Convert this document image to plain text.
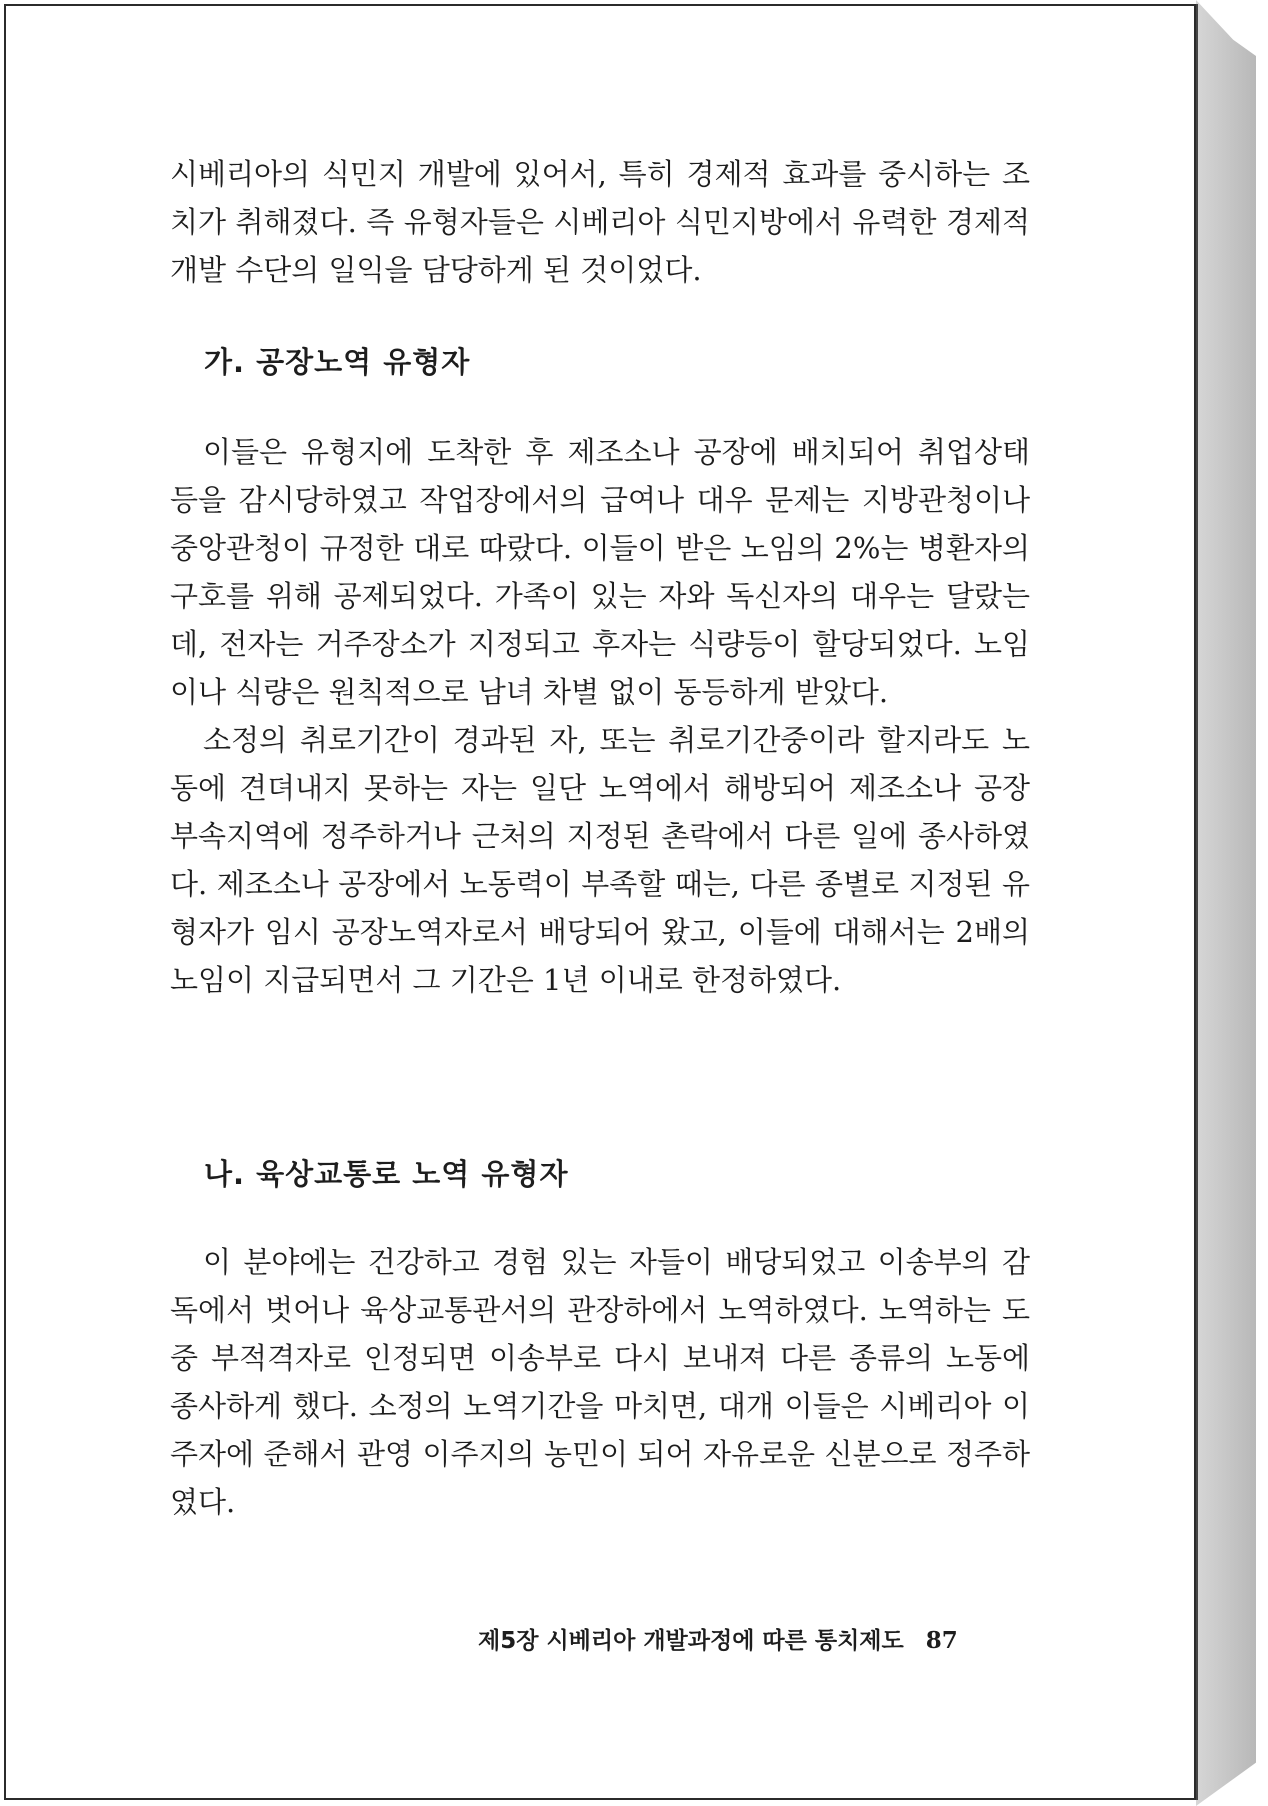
시베리아의 식민지 개발에 있어서, 특히 경제적 효과를 중시하는 조치가 취해졌다. 즉 유형자들은 시베리아 식민지방에서 유력한 경제적 개발 수단의 일익을 담당하게 된 것이었다.

가. 공장노역 유형자

이들은 유형지에 도착한 후 제조소나 공장에 배치되어 취업상태 등을 감시당하였고 작업장에서의 급여나 대우 문제는 지방관청이나 중앙관청이 규정한 대로 따랐다. 이들이 받은 노임의 2%는 병환자의 구호를 위해 공제되었다. 가족이 있는 자와 독신자의 대우는 달랐는데, 전자는 거주장소가 지정되고 후자는 식량등이 할당되었다. 노임이나 식량은 원칙적으로 남녀 차별 없이 동등하게 받았다.

소정의 취로기간이 경과된 자, 또는 취로기간중이라 할지라도 노동에 견뎌내지 못하는 자는 일단 노역에서 해방되어 제조소나 공장 부속지역에 정주하거나 근처의 지정된 촌락에서 다른 일에 종사하였다. 제조소나 공장에서 노동력이 부족할 때는, 다른 종별로 지정된 유형자가 임시 공장노역자로서 배당되어 왔고, 이들에 대해서는 2배의 노임이 지급되면서 그 기간은 1년 이내로 한정하였다.

나. 육상교통로 노역 유형자

이 분야에는 건강하고 경험 있는 자들이 배당되었고 이송부의 감독에서 벗어나 육상교통관서의 관장하에서 노역하였다. 노역하는 도중 부적격자로 인정되면 이송부로 다시 보내져 다른 종류의 노동에 종사하게 했다. 소정의 노역기간을 마치면, 대개 이들은 시베리아 이주자에 준해서 관영 이주지의 농민이 되어 자유로운 신분으로 정주하였다.

제5장 시베리아 개발과정에 따른 통치제도 87
